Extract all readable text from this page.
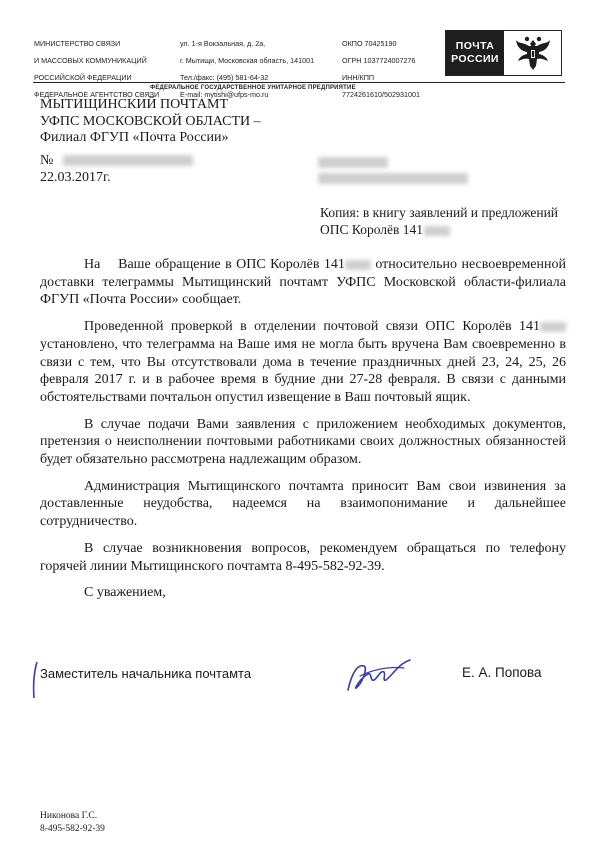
МИНИСТЕРСТВО СВЯЗИ

И МАССОВЫХ КОММУНИКАЦИЙ

РОССИЙСКОЙ ФЕДЕРАЦИИ

ФЕДЕРАЛЬНОЕ АГЕНТСТВО СВЯЗИ

ул. 1-я Вокзальная, д. 2а,

г. Мытищи, Московская область, 141001

Тел./факс: (495) 581-64-32

E-mail: mytishi@ufps-mo.ru

ОКПО 70425190

ОГРН 1037724007276

ИНН/КПП

7724261610/502931001

ПОЧТА
РОССИИ
ФЕДЕРАЛЬНОЕ ГОСУДАРСТВЕННОЕ УНИТАРНОЕ ПРЕДПРИЯТИЕ
МЫТИЩИНСКИЙ ПОЧТАМТ
УФПС МОСКОВСКОЙ ОБЛАСТИ –
Филиал ФГУП «Почта России»
№
22.03.2017г.

Копия: в книгу заявлений и предложений
ОПС Королёв 141

На    Ваше обращение в ОПС Королёв 141 относительно несвоевременной доставки телеграммы Мытищинский почтамт УФПС Московской области-филиала ФГУП «Почта России» сообщает.

Проведенной проверкой в отделении почтовой связи ОПС Королёв 141 установлено, что телеграмма на Ваше имя не могла быть вручена Вам своевременно в связи с тем, что Вы отсутствовали дома в течение праздничных дней 23, 24, 25, 26 февраля 2017 г. и в рабочее время в будние дни 27-28 февраля. В связи с данными обстоятельствами почтальон опустил извещение в Ваш почтовый ящик.

В случае подачи Вами заявления с приложением необходимых документов, претензия о неисполнении почтовыми работниками своих должностных обязанностей будет обязательно рассмотрена надлежащим образом.

Администрация Мытищинского почтамта приносит Вам свои извинения за доставленные неудобства, надеемся на взаимопонимание и дальнейшее сотрудничество.

В случае возникновения вопросов, рекомендуем обращаться по телефону горячей линии Мытищинского почтамта 8-495-582-92-39.

С уважением,

Заместитель начальника почтамта	Е. А. Попова
Никонова Г.С.
8-495-582-92-39
